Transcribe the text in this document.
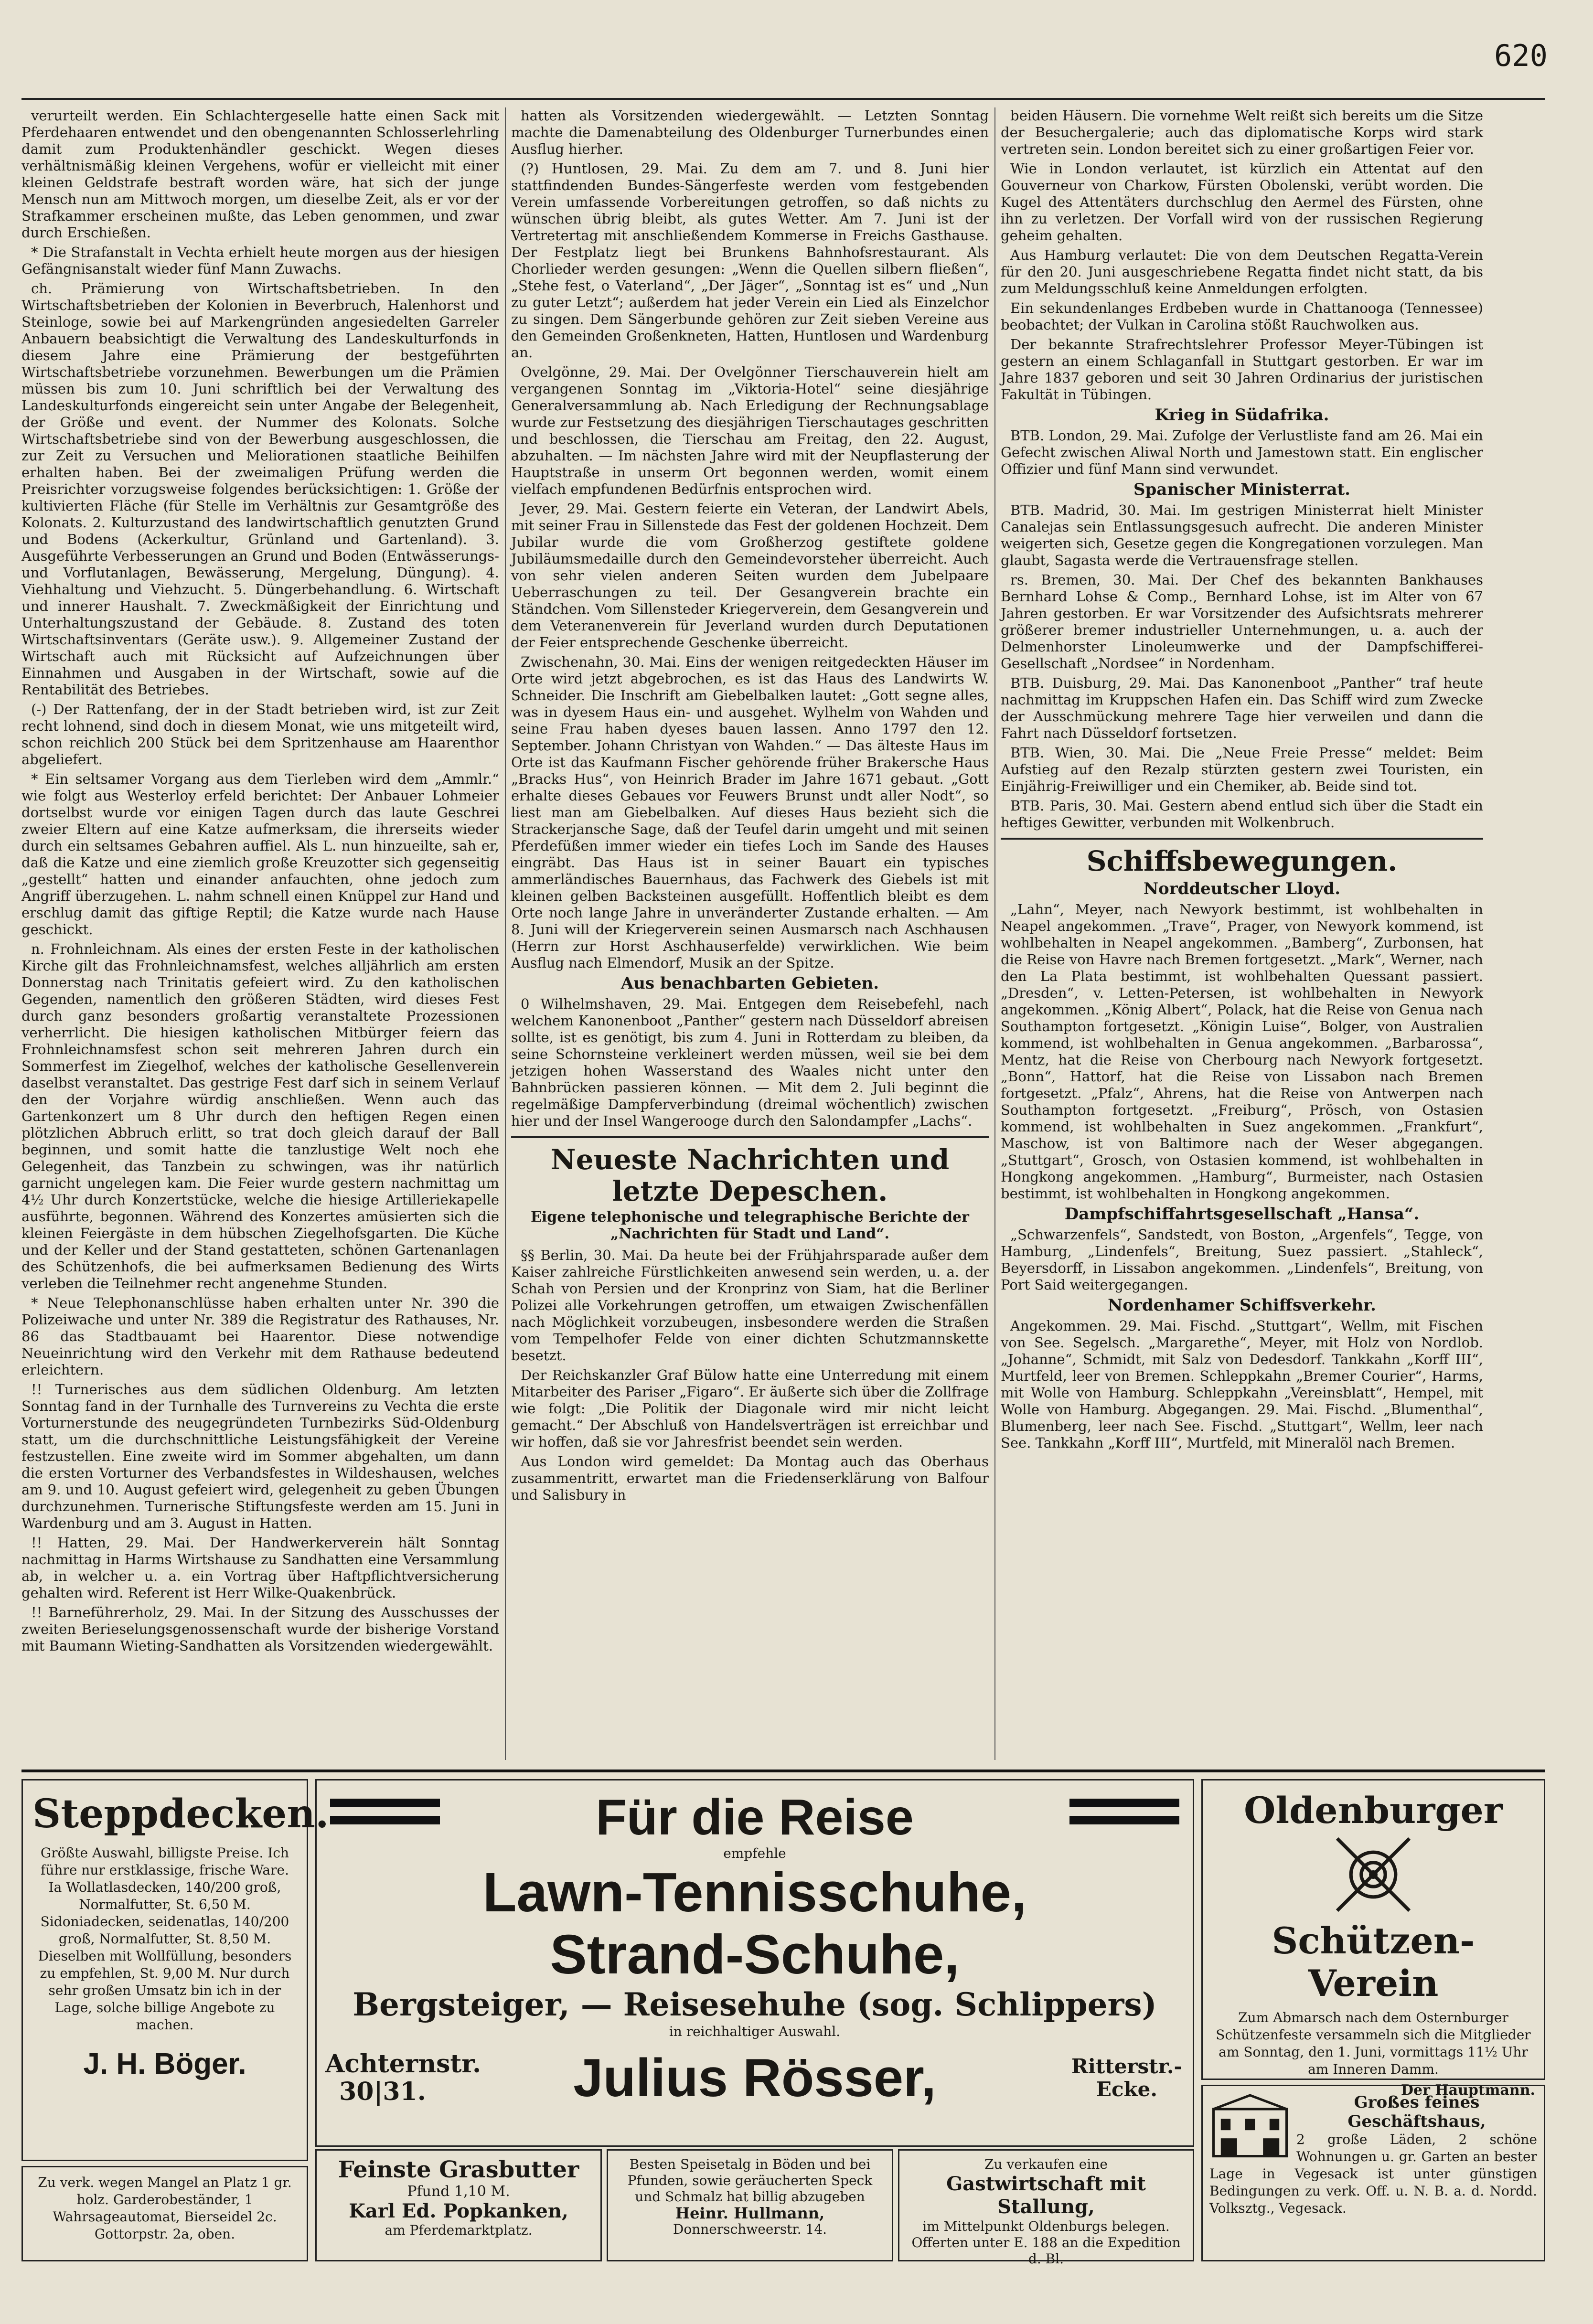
620

verurteilt werden. Ein Schlachtergeselle hatte einen Sack mit Pferdehaaren entwendet und den obengenannten Schlosserlehrling damit zum Produktenhändler geschickt. Wegen dieses verhältnismäßig kleinen Vergehens, wofür er vielleicht mit einer kleinen Geldstrafe bestraft worden wäre, hat sich der junge Mensch nun am Mittwoch morgen, um dieselbe Zeit, als er vor der Strafkammer erscheinen mußte, das Leben genommen, und zwar durch Erschießen.

* Die Strafanstalt in Vechta erhielt heute morgen aus der hiesigen Gefängnisanstalt wieder fünf Mann Zuwachs.

ch. Prämierung von Wirtschaftsbetrieben. In den Wirtschaftsbetrieben der Kolonien in Beverbruch, Halenhorst und Steinloge, sowie bei auf Markengründen angesiedelten Garreler Anbauern beabsichtigt die Verwaltung des Landeskulturfonds in diesem Jahre eine Prämierung der bestgeführten Wirtschaftsbetriebe vorzunehmen. Bewerbungen um die Prämien müssen bis zum 10. Juni schriftlich bei der Verwaltung des Landeskulturfonds eingereicht sein unter Angabe der Belegenheit, der Größe und event. der Nummer des Kolonats. Solche Wirtschaftsbetriebe sind von der Bewerbung ausgeschlossen, die zur Zeit zu Versuchen und Meliorationen staatliche Beihilfen erhalten haben. Bei der zweimaligen Prüfung werden die Preisrichter vorzugsweise folgendes berücksichtigen: 1. Größe der kultivierten Fläche (für Stelle im Verhältnis zur Gesamtgröße des Kolonats. 2. Kulturzustand des landwirtschaftlich genutzten Grund und Bodens (Ackerkultur, Grünland und Gartenland). 3. Ausgeführte Verbesserungen an Grund und Boden (Entwässerungs- und Vorflutanlagen, Bewässerung, Mergelung, Düngung). 4. Viehhaltung und Viehzucht. 5. Düngerbehandlung. 6. Wirtschaft und innerer Haushalt. 7. Zweckmäßigkeit der Einrichtung und Unterhaltungszustand der Gebäude. 8. Zustand des toten Wirtschaftsinventars (Geräte usw.). 9. Allgemeiner Zustand der Wirtschaft auch mit Rücksicht auf Aufzeichnungen über Einnahmen und Ausgaben in der Wirtschaft, sowie auf die Rentabilität des Betriebes.

(-) Der Rattenfang, der in der Stadt betrieben wird, ist zur Zeit recht lohnend, sind doch in diesem Monat, wie uns mitgeteilt wird, schon reichlich 200 Stück bei dem Spritzenhause am Haarenthor abgeliefert.

* Ein seltsamer Vorgang aus dem Tierleben wird dem „Ammlr.“ wie folgt aus Westerloy erfeld berichtet: Der Anbauer Lohmeier dortselbst wurde vor einigen Tagen durch das laute Geschrei zweier Eltern auf eine Katze aufmerksam, die ihrerseits wieder durch ein seltsames Gebahren auffiel. Als L. nun hinzueilte, sah er, daß die Katze und eine ziemlich große Kreuzotter sich gegenseitig „gestellt“ hatten und einander anfauchten, ohne jedoch zum Angriff überzugehen. L. nahm schnell einen Knüppel zur Hand und erschlug damit das giftige Reptil; die Katze wurde nach Hause geschickt.

n. Frohnleichnam. Als eines der ersten Feste in der katholischen Kirche gilt das Frohnleichnamsfest, welches alljährlich am ersten Donnerstag nach Trinitatis gefeiert wird. Zu den katholischen Gegenden, namentlich den größeren Städten, wird dieses Fest durch ganz besonders großartig veranstaltete Prozessionen verherrlicht. Die hiesigen katholischen Mitbürger feiern das Frohnleichnamsfest schon seit mehreren Jahren durch ein Sommerfest im Ziegelhof, welches der katholische Gesellenverein daselbst veranstaltet. Das gestrige Fest darf sich in seinem Verlauf den der Vorjahre würdig anschließen. Wenn auch das Gartenkonzert um 8 Uhr durch den heftigen Regen einen plötzlichen Abbruch erlitt, so trat doch gleich darauf der Ball beginnen, und somit hatte die tanzlustige Welt noch ehe Gelegenheit, das Tanzbein zu schwingen, was ihr natürlich garnicht ungelegen kam. Die Feier wurde gestern nachmittag um 4½ Uhr durch Konzertstücke, welche die hiesige Artilleriekapelle ausführte, begonnen. Während des Konzertes amüsierten sich die kleinen Feiergäste in dem hübschen Ziegelhofsgarten. Die Küche und der Keller und der Stand gestatteten, schönen Gartenanlagen des Schützenhofs, die bei aufmerksamen Bedienung des Wirts verleben die Teilnehmer recht angenehme Stunden.

* Neue Telephonanschlüsse haben erhalten unter Nr. 390 die Polizeiwache und unter Nr. 389 die Registratur des Rathauses, Nr. 86 das Stadtbauamt bei Haarentor. Diese notwendige Neueinrichtung wird den Verkehr mit dem Rathause bedeutend erleichtern.

!! Turnerisches aus dem südlichen Oldenburg. Am letzten Sonntag fand in der Turnhalle des Turnvereins zu Vechta die erste Vorturnerstunde des neugegründeten Turnbezirks Süd-Oldenburg statt, um die durchschnittliche Leistungsfähigkeit der Vereine festzustellen. Eine zweite wird im Sommer abgehalten, um dann die ersten Vorturner des Verbandsfestes in Wildeshausen, welches am 9. und 10. August gefeiert wird, gelegenheit zu geben Übungen durchzunehmen. Turnerische Stiftungsfeste werden am 15. Juni in Wardenburg und am 3. August in Hatten.

!! Hatten, 29. Mai. Der Handwerkerverein hält Sonntag nachmittag in Harms Wirtshause zu Sandhatten eine Versammlung ab, in welcher u. a. ein Vortrag über Haftpflichtversicherung gehalten wird. Referent ist Herr Wilke-Quakenbrück.

!! Barneführerholz, 29. Mai. In der Sitzung des Ausschusses der zweiten Berieselungsgenossenschaft wurde der bisherige Vorstand mit Baumann Wieting-Sandhatten als Vorsitzenden wiedergewählt.

hatten als Vorsitzenden wiedergewählt. — Letzten Sonntag machte die Damenabteilung des Oldenburger Turnerbundes einen Ausflug hierher.

(?) Huntlosen, 29. Mai. Zu dem am 7. und 8. Juni hier stattfindenden Bundes-Sängerfeste werden vom festgebenden Verein umfassende Vorbereitungen getroffen, so daß nichts zu wünschen übrig bleibt, als gutes Wetter. Am 7. Juni ist der Vertretertag mit anschließendem Kommerse in Freichs Gasthause. Der Festplatz liegt bei Brunkens Bahnhofsrestaurant. Als Chorlieder werden gesungen: „Wenn die Quellen silbern fließen“, „Stehe fest, o Vaterland“, „Der Jäger“, „Sonntag ist es“ und „Nun zu guter Letzt“; außerdem hat jeder Verein ein Lied als Einzelchor zu singen. Dem Sängerbunde gehören zur Zeit sieben Vereine aus den Gemeinden Großenkneten, Hatten, Huntlosen und Wardenburg an.

Ovelgönne, 29. Mai. Der Ovelgönner Tierschauverein hielt am vergangenen Sonntag im „Viktoria-Hotel“ seine diesjährige Generalversammlung ab. Nach Erledigung der Rechnungsablage wurde zur Festsetzung des diesjährigen Tierschautages geschritten und beschlossen, die Tierschau am Freitag, den 22. August, abzuhalten. — Im nächsten Jahre wird mit der Neupflasterung der Hauptstraße in unserm Ort begonnen werden, womit einem vielfach empfundenen Bedürfnis entsprochen wird.

Jever, 29. Mai. Gestern feierte ein Veteran, der Landwirt Abels, mit seiner Frau in Sillenstede das Fest der goldenen Hochzeit. Dem Jubilar wurde die vom Großherzog gestiftete goldene Jubiläumsmedaille durch den Gemeindevorsteher überreicht. Auch von sehr vielen anderen Seiten wurden dem Jubelpaare Ueberraschungen zu teil. Der Gesangverein brachte ein Ständchen. Vom Sillensteder Kriegerverein, dem Gesangverein und dem Veteranenverein für Jeverland wurden durch Deputationen der Feier entsprechende Geschenke überreicht.

Zwischenahn, 30. Mai. Eins der wenigen reitgedeckten Häuser im Orte wird jetzt abgebrochen, es ist das Haus des Landwirts W. Schneider. Die Inschrift am Giebelbalken lautet: „Gott segne alles, was in dyesem Haus ein- und ausgehet. Wylhelm von Wahden und seine Frau haben dyeses bauen lassen. Anno 1797 den 12. September. Johann Christyan von Wahden.“ — Das älteste Haus im Orte ist das Kaufmann Fischer gehörende früher Brakersche Haus „Bracks Hus“, von Heinrich Brader im Jahre 1671 gebaut. „Gott erhalte dieses Gebaues vor Feuwers Brunst undt aller Nodt“, so liest man am Giebelbalken. Auf dieses Haus bezieht sich die Strackerjansche Sage, daß der Teufel darin umgeht und mit seinen Pferdefüßen immer wieder ein tiefes Loch im Sande des Hauses eingräbt. Das Haus ist in seiner Bauart ein typisches ammerländisches Bauernhaus, das Fachwerk des Giebels ist mit kleinen gelben Backsteinen ausgefüllt. Hoffentlich bleibt es dem Orte noch lange Jahre in unveränderter Zustande erhalten. — Am 8. Juni will der Kriegerverein seinen Ausmarsch nach Aschhausen (Herrn zur Horst Aschhauserfelde) verwirklichen. Wie beim Ausflug nach Elmendorf, Musik an der Spitze.

Aus benachbarten Gebieten.

0 Wilhelmshaven, 29. Mai. Entgegen dem Reisebefehl, nach welchem Kanonenboot „Panther“ gestern nach Düsseldorf abreisen sollte, ist es genötigt, bis zum 4. Juni in Rotterdam zu bleiben, da seine Schornsteine verkleinert werden müssen, weil sie bei dem jetzigen hohen Wasserstand des Waales nicht unter den Bahnbrücken passieren können. — Mit dem 2. Juli beginnt die regelmäßige Dampferverbindung (dreimal wöchentlich) zwischen hier und der Insel Wangerooge durch den Salondampfer „Lachs“.

Neueste Nachrichten und letzte Depeschen.
Eigene telephonische und telegraphische Berichte der „Nachrichten für Stadt und Land“.

§§ Berlin, 30. Mai. Da heute bei der Frühjahrsparade außer dem Kaiser zahlreiche Fürstlichkeiten anwesend sein werden, u. a. der Schah von Persien und der Kronprinz von Siam, hat die Berliner Polizei alle Vorkehrungen getroffen, um etwaigen Zwischenfällen nach Möglichkeit vorzubeugen, insbesondere werden die Straßen vom Tempelhofer Felde von einer dichten Schutzmannskette besetzt.

Der Reichskanzler Graf Bülow hatte eine Unterredung mit einem Mitarbeiter des Pariser „Figaro“. Er äußerte sich über die Zollfrage wie folgt: „Die Politik der Diagonale wird mir nicht leicht gemacht.“ Der Abschluß von Handelsverträgen ist erreichbar und wir hoffen, daß sie vor Jahresfrist beendet sein werden.

Aus London wird gemeldet: Da Montag auch das Oberhaus zusammentritt, erwartet man die Friedenserklärung von Balfour und Salisbury in

beiden Häusern. Die vornehme Welt reißt sich bereits um die Sitze der Besuchergalerie; auch das diplomatische Korps wird stark vertreten sein. London bereitet sich zu einer großartigen Feier vor.

Wie in London verlautet, ist kürzlich ein Attentat auf den Gouverneur von Charkow, Fürsten Obolenski, verübt worden. Die Kugel des Attentäters durchschlug den Aermel des Fürsten, ohne ihn zu verletzen. Der Vorfall wird von der russischen Regierung geheim gehalten.

Aus Hamburg verlautet: Die von dem Deutschen Regatta-Verein für den 20. Juni ausgeschriebene Regatta findet nicht statt, da bis zum Meldungsschluß keine Anmeldungen erfolgten.

Ein sekundenlanges Erdbeben wurde in Chattanooga (Tennessee) beobachtet; der Vulkan in Carolina stößt Rauchwolken aus.

Der bekannte Strafrechtslehrer Professor Meyer-Tübingen ist gestern an einem Schlaganfall in Stuttgart gestorben. Er war im Jahre 1837 geboren und seit 30 Jahren Ordinarius der juristischen Fakultät in Tübingen.

Krieg in Südafrika.

BTB. London, 29. Mai. Zufolge der Verlustliste fand am 26. Mai ein Gefecht zwischen Aliwal North und Jamestown statt. Ein englischer Offizier und fünf Mann sind verwundet.

Spanischer Ministerrat.

BTB. Madrid, 30. Mai. Im gestrigen Ministerrat hielt Minister Canalejas sein Entlassungsgesuch aufrecht. Die anderen Minister weigerten sich, Gesetze gegen die Kongregationen vorzulegen. Man glaubt, Sagasta werde die Vertrauensfrage stellen.

rs. Bremen, 30. Mai. Der Chef des bekannten Bankhauses Bernhard Lohse & Comp., Bernhard Lohse, ist im Alter von 67 Jahren gestorben. Er war Vorsitzender des Aufsichtsrats mehrerer größerer bremer industrieller Unternehmungen, u. a. auch der Delmenhorster Linoleumwerke und der Dampfschifferei-Gesellschaft „Nordsee“ in Nordenham.

BTB. Duisburg, 29. Mai. Das Kanonenboot „Panther“ traf heute nachmittag im Kruppschen Hafen ein. Das Schiff wird zum Zwecke der Ausschmückung mehrere Tage hier verweilen und dann die Fahrt nach Düsseldorf fortsetzen.

BTB. Wien, 30. Mai. Die „Neue Freie Presse“ meldet: Beim Aufstieg auf den Rezalp stürzten gestern zwei Touristen, ein Einjährig-Freiwilliger und ein Chemiker, ab. Beide sind tot.

BTB. Paris, 30. Mai. Gestern abend entlud sich über die Stadt ein heftiges Gewitter, verbunden mit Wolkenbruch.

Schiffsbewegungen.
Norddeutscher Lloyd.

„Lahn“, Meyer, nach Newyork bestimmt, ist wohlbehalten in Neapel angekommen. „Trave“, Prager, von Newyork kommend, ist wohlbehalten in Neapel angekommen. „Bamberg“, Zurbonsen, hat die Reise von Havre nach Bremen fortgesetzt. „Mark“, Werner, nach den La Plata bestimmt, ist wohlbehalten Quessant passiert. „Dresden“, v. Letten-Petersen, ist wohlbehalten in Newyork angekommen. „König Albert“, Polack, hat die Reise von Genua nach Southampton fortgesetzt. „Königin Luise“, Bolger, von Australien kommend, ist wohlbehalten in Genua angekommen. „Barbarossa“, Mentz, hat die Reise von Cherbourg nach Newyork fortgesetzt. „Bonn“, Hattorf, hat die Reise von Lissabon nach Bremen fortgesetzt. „Pfalz“, Ahrens, hat die Reise von Antwerpen nach Southampton fortgesetzt. „Freiburg“, Prösch, von Ostasien kommend, ist wohlbehalten in Suez angekommen. „Frankfurt“, Maschow, ist von Baltimore nach der Weser abgegangen. „Stuttgart“, Grosch, von Ostasien kommend, ist wohlbehalten in Hongkong angekommen. „Hamburg“, Burmeister, nach Ostasien bestimmt, ist wohlbehalten in Hongkong angekommen.

Dampfschiffahrtsgesellschaft „Hansa“.

„Schwarzenfels“, Sandstedt, von Boston, „Argenfels“, Tegge, von Hamburg, „Lindenfels“, Breitung, Suez passiert. „Stahleck“, Beyersdorff, in Lissabon angekommen. „Lindenfels“, Breitung, von Port Said weitergegangen.

Nordenhamer Schiffsverkehr.

Angekommen. 29. Mai. Fischd. „Stuttgart“, Wellm, mit Fischen von See. Segelsch. „Margarethe“, Meyer, mit Holz von Nordlob. „Johanne“, Schmidt, mit Salz von Dedesdorf. Tankkahn „Korff III“, Murtfeld, leer von Bremen. Schleppkahn „Bremer Courier“, Harms, mit Wolle von Hamburg. Schleppkahn „Vereinsblatt“, Hempel, mit Wolle von Hamburg. Abgegangen. 29. Mai. Fischd. „Blumenthal“, Blumenberg, leer nach See. Fischd. „Stuttgart“, Wellm, leer nach See. Tankkahn „Korff III“, Murtfeld, mit Mineralöl nach Bremen.

Steppdecken.
Größte Auswahl, billigste Preise. Ich führe nur erstklassige, frische Ware. Ia Wollatlasdecken, 140/200 groß, Normalfutter, St. 6,50 M. Sidoniadecken, seidenatlas, 140/200 groß, Normalfutter, St. 8,50 M. Dieselben mit Wollfüllung, besonders zu empfehlen, St. 9,00 M. Nur durch sehr großen Umsatz bin ich in der Lage, solche billige Angebote zu machen.
J. H. Böger.
Zu verk. wegen Mangel an Platz 1 gr. holz. Garderobeständer, 1 Wahrsageautomat, Bierseidel 2c. Gottorpstr. 2a, oben.
Für die Reise
empfehle
Lawn-Tennisschuhe,
Strand-Schuhe,
Bergsteiger, — Reisesehuhe (sog. Schlippers)
in reichhaltiger Auswahl.
Achternstr. 30|31.	Julius Rösser,	Ritterstr.-Ecke.
Feinste Grasbutter
Pfund 1,10 M.
Karl Ed. Popkanken,
am Pferdemarktplatz.
Besten Speisetalg in Böden und bei Pfunden, sowie geräucherten Speck und Schmalz hat billig abzugeben
Heinr. Hullmann,
Donnerschweerstr. 14.
Zu verkaufen eine
Gastwirtschaft mit Stallung,
im Mittelpunkt Oldenburgs belegen. Offerten unter E. 188 an die Expedition d. Bl.
Oldenburger
Schützen-Verein
Zum Abmarsch nach dem Osternburger Schützenfeste versammeln sich die Mitglieder am Sonntag, den 1. Juni, vormittags 11½ Uhr am Inneren Damm.
Der Hauptmann.
Großes feines Geschäftshaus,
2 große Läden, 2 schöne Wohnungen u. gr. Garten an bester Lage in Vegesack ist unter günstigen Bedingungen zu verk. Off. u. N. B. a. d. Nordd. Volksztg., Vegesack.
